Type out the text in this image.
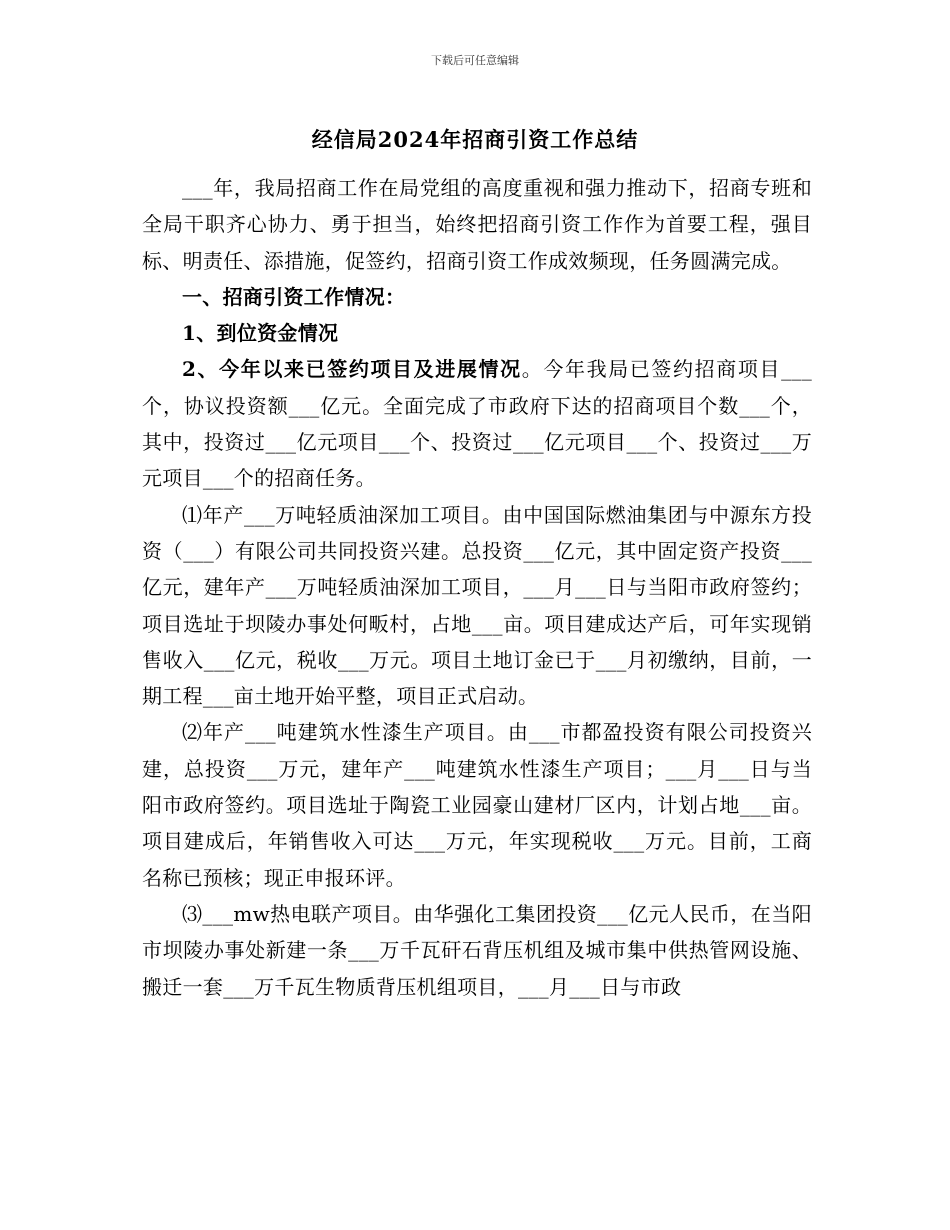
下载后可任意编辑
经信局2024年招商引资工作总结

___年，我局招商工作在局党组的高度重视和强力推动下，招商专班和全局干职齐心协力、勇于担当，始终把招商引资工作作为首要工程，强目标、明责任、添措施，促签约，招商引资工作成效频现，任务圆满完成。

一、招商引资工作情况：

1、到位资金情况

2、今年以来已签约项目及进展情况。今年我局已签约招商项目___个，协议投资额___亿元。全面完成了市政府下达的招商项目个数___个，其中，投资过___亿元项目___个、投资过___亿元项目___个、投资过___万元项目___个的招商任务。

⑴年产___万吨轻质油深加工项目。由中国国际燃油集团与中源东方投资（___）有限公司共同投资兴建。总投资___亿元，其中固定资产投资___亿元，建年产___万吨轻质油深加工项目，___月___日与当阳市政府签约；项目选址于坝陵办事处何畈村，占地___亩。项目建成达产后，可年实现销售收入___亿元，税收___万元。项目土地订金已于___月初缴纳，目前，一期工程___亩土地开始平整，项目正式启动。

⑵年产___吨建筑水性漆生产项目。由___市都盈投资有限公司投资兴建，总投资___万元，建年产___吨建筑水性漆生产项目；___月___日与当阳市政府签约。项目选址于陶瓷工业园豪山建材厂区内，计划占地___亩。项目建成后，年销售收入可达___万元，年实现税收___万元。目前，工商名称已预核；现正申报环评。

⑶___mw热电联产项目。由华强化工集团投资___亿元人民币，在当阳市坝陵办事处新建一条___万千瓦矸石背压机组及城市集中供热管网设施、搬迁一套___万千瓦生物质背压机组项目，___月___日与市政
